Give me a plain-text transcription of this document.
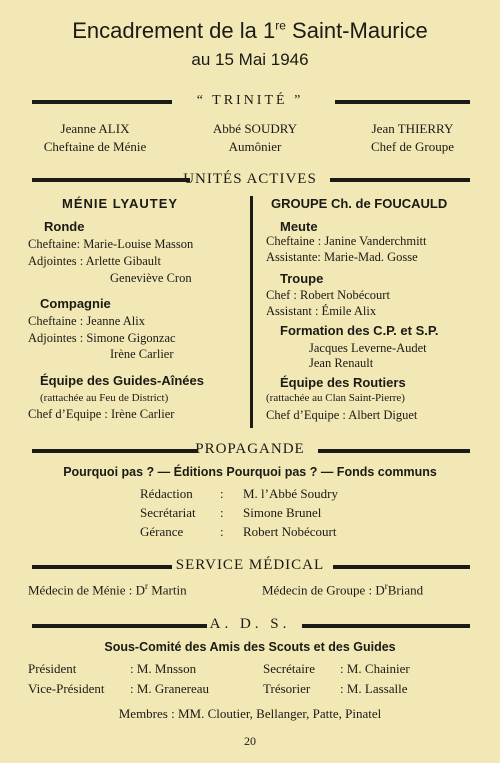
Encadrement de la 1re Saint-Maurice
au 15 Mai 1946
“ TRINITÉ ”
Jeanne ALIX
Cheftaine de Ménie
Abbé SOUDRY
Aumônier
Jean THIERRY
Chef de Groupe
UNITÉS ACTIVES
MÉNIE LYAUTEY
Ronde
Cheftaine: Marie-Louise Masson
Adjointes : Arlette Gibault
Geneviève Cron
Compagnie
Cheftaine : Jeanne Alix
Adjointes : Simone Gigonzac
Irène Carlier
Équipe des Guides-Aînées
(rattachée au Feu de District)
Chef d’Equipe : Irène Carlier
GROUPE Ch. de FOUCAULD
Meute
Cheftaine : Janine Vanderchmitt
Assistante: Marie-Mad. Gosse
Troupe
Chef : Robert Nobécourt
Assistant : Émile Alix
Formation des C.P. et S.P.
Jacques Leverne-Audet
Jean Renault
Équipe des Routiers
(rattachée au Clan Saint-Pierre)
Chef d’Equipe : Albert Diguet
PROPAGANDE
Pourquoi pas ? — Éditions Pourquoi pas ? — Fonds communs
Rédaction : M. l’Abbé Soudry
Secrétariat : Simone Brunel
Gérance	: Robert Nobécourt
SERVICE MÉDICAL
Médecin de Ménie : $D^r$ Martin	Médecin de Groupe : $D^rBriand$
A. D. S.
Sous-Comité des Amis des Scouts et des Guides
Président	: M. Mnsson	Secrétaire : M. Chainier
Vice-Président : M. Granereau	Trésorier : M. Lassalle
Membres : MM. Cloutier, Bellanger, Patte, Pinatel
20
